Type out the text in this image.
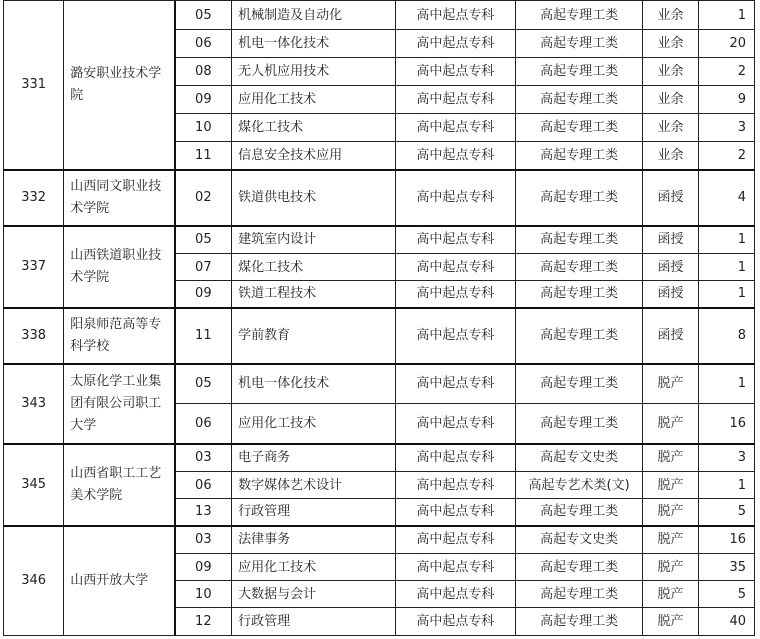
331	潞安职业技术学院	05	机械制造及自动化	高中起点专科	高起专理工类	业余	1
		06	机电一体化技术	高中起点专科	高起专理工类	业余	20
		08	无人机应用技术	高中起点专科	高起专理工类	业余	2
		09	应用化工技术	高中起点专科	高起专理工类	业余	9
		10	煤化工技术	高中起点专科	高起专理工类	业余	3
		11	信息安全技术应用	高中起点专科	高起专理工类	业余	2
332	山西同文职业技术学院	02	铁道供电技术	高中起点专科	高起专理工类	函授	4
337	山西铁道职业技术学院	05	建筑室内设计	高中起点专科	高起专理工类	函授	1
		07	煤化工技术	高中起点专科	高起专理工类	函授	1
		09	铁道工程技术	高中起点专科	高起专理工类	函授	1
338	阳泉师范高等专科学校	11	学前教育	高中起点专科	高起专理工类	函授	8
343	太原化学工业集团有限公司职工大学	05	机电一体化技术	高中起点专科	高起专理工类	脱产	1
		06	应用化工技术	高中起点专科	高起专理工类	脱产	16
345	山西省职工工艺美术学院	03	电子商务	高中起点专科	高起专文史类	脱产	3
		06	数字媒体艺术设计	高中起点专科	高起专艺术类(文)	脱产	1
		13	行政管理	高中起点专科	高起专理工类	脱产	5
346	山西开放大学	03	法律事务	高中起点专科	高起专文史类	脱产	16
		09	应用化工技术	高中起点专科	高起专理工类	脱产	35
		10	大数据与会计	高中起点专科	高起专理工类	脱产	5
		12	行政管理	高中起点专科	高起专理工类	脱产	40
